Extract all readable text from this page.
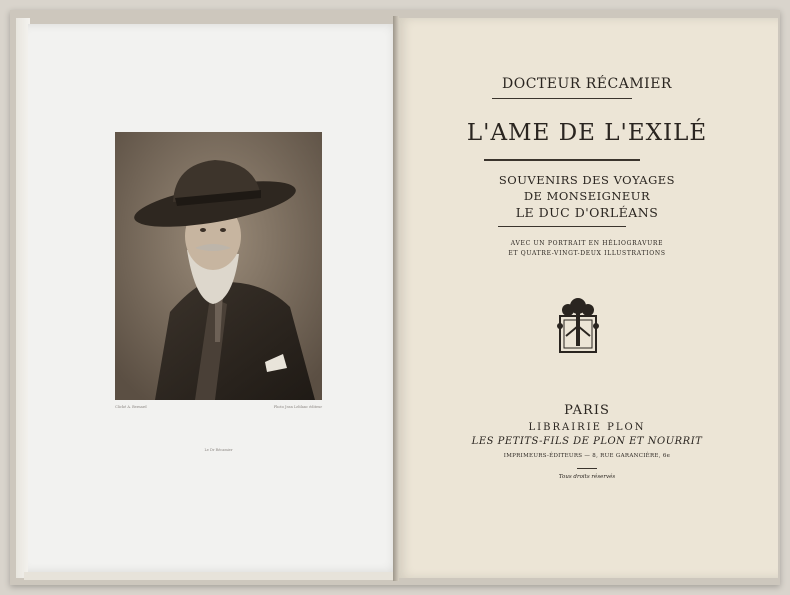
DOCTEUR RÉCAMIER
L'AME DE L'EXILÉ
SOUVENIRS DES VOYAGES
DE MONSEIGNEUR
LE DUC D'ORLÉANS
AVEC UN PORTRAIT EN HÉLIOGRAVURE
ET QUATRE-VINGT-DEUX ILLUSTRATIONS
PARIS
LIBRAIRIE PLON
LES PETITS-FILS DE PLON ET NOURRIT
IMPRIMEURS-ÉDITEURS — 8, RUE GARANCIÈRE, 6e
Tous droits réservés
Cliché A. Bernard	Photo Jean Leblanc éditeur
Le Dr Récamier
